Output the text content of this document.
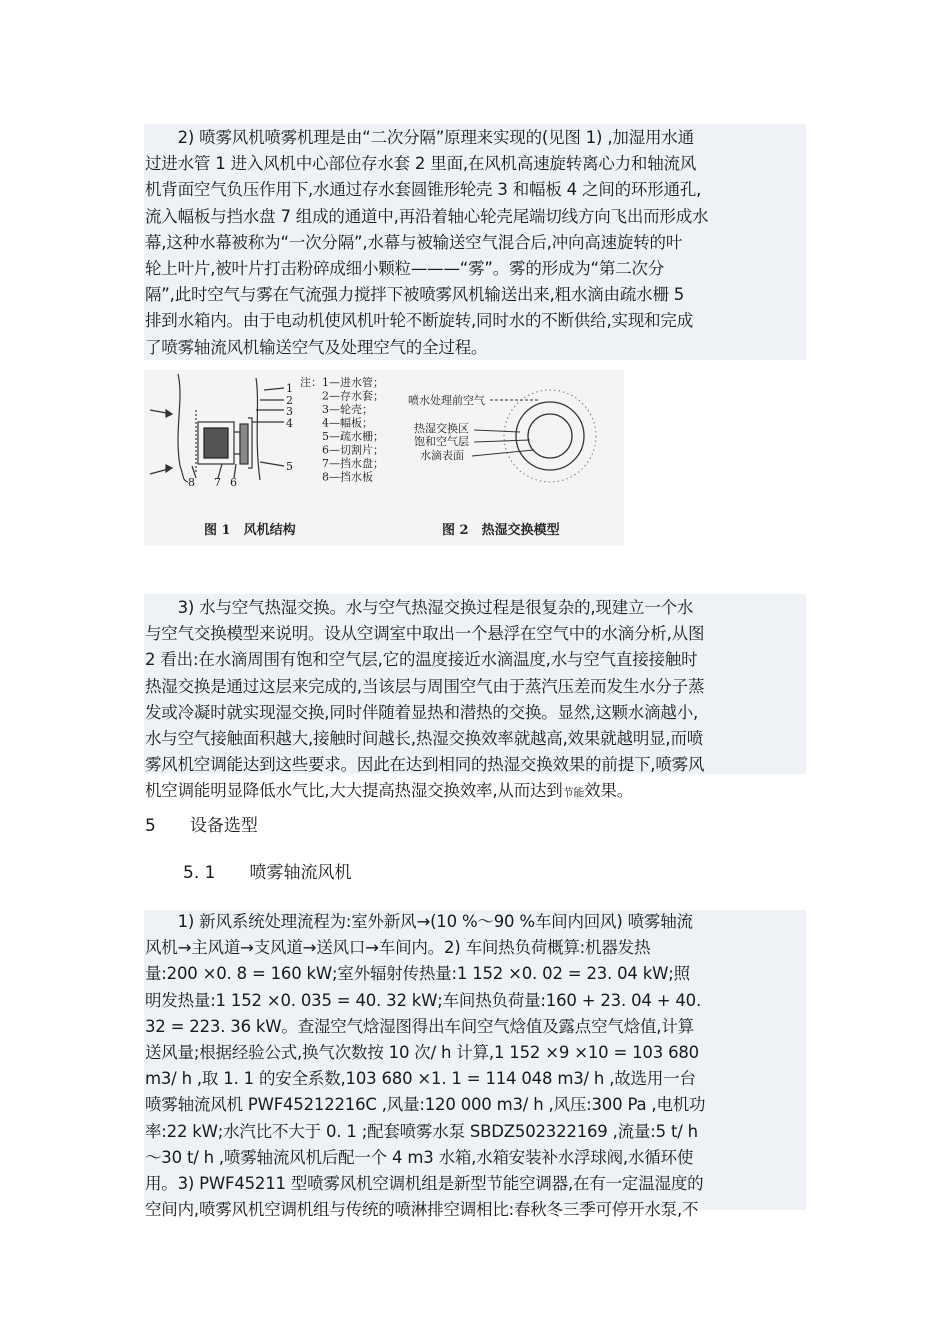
　　2) 喷雾风机喷雾机理是由“二次分隔”原理来实现的(见图 1) ,加湿用水通
过进水管 1 进入风机中心部位存水套 2 里面,在风机高速旋转离心力和轴流风
机背面空气负压作用下,水通过存水套圆锥形轮壳 3 和幅板 4 之间的环形通孔,
流入幅板与挡水盘 7 组成的通道中,再沿着轴心轮壳尾端切线方向飞出而形成水
幕,这种水幕被称为“一次分隔”,水幕与被输送空气混合后,冲向高速旋转的叶
轮上叶片,被叶片打击粉碎成细小颗粒———“雾”。雾的形成为“第二次分
隔”,此时空气与雾在气流强力搅拌下被喷雾风机输送出来,粗水滴由疏水栅 5
排到水箱内。由于电动机使风机叶轮不断旋转,同时水的不断供给,实现和完成
了喷雾轴流风机输送空气及处理空气的全过程。

1
2
3
4
5
8 7 6
注： 1—进水管；
2—存水套；
3—轮壳；
4—幅板；
5—疏水栅；
6—切割片；
7—挡水盘；
8—挡水板
喷水处理前空气
热湿交换区
饱和空气层
水滴表面
图 1　风机结构	图 2　热湿交换模型

　　3) 水与空气热湿交换。水与空气热湿交换过程是很复杂的,现建立一个水
与空气交换模型来说明。设从空调室中取出一个悬浮在空气中的水滴分析,从图
2 看出:在水滴周围有饱和空气层,它的温度接近水滴温度,水与空气直接接触时
热湿交换是通过这层来完成的,当该层与周围空气由于蒸汽压差而发生水分子蒸
发或冷凝时就实现湿交换,同时伴随着显热和潜热的交换。显然,这颗水滴越小,
水与空气接触面积越大,接触时间越长,热湿交换效率就越高,效果就越明显,而喷
雾风机空调能达到这些要求。因此在达到相同的热湿交换效果的前提下,喷雾风
机空调能明显降低水气比,大大提高热湿交换效率,从而达到节能效果。

5　　设备选型
5. 1　　喷雾轴流风机

　　1) 新风系统处理流程为:室外新风→(10 %～90 %车间内回风) 喷雾轴流
风机→主风道→支风道→送风口→车间内。2) 车间热负荷概算:机器发热
量:200 ×0. 8 = 160 kW;室外辐射传热量:1 152 ×0. 02 = 23. 04 kW;照
明发热量:1 152 ×0. 035 = 40. 32 kW;车间热负荷量:160 + 23. 04 + 40.
32 = 223. 36 kW。查湿空气焓湿图得出车间空气焓值及露点空气焓值,计算
送风量;根据经验公式,换气次数按 10 次/ h 计算,1 152 ×9 ×10 = 103 680
m3/ h ,取 1. 1 的安全系数,103 680 ×1. 1 = 114 048 m3/ h ,故选用一台
喷雾轴流风机 PWF45212216C ,风量:120 000 m3/ h ,风压:300 Pa ,电机功
率:22 kW;水汽比不大于 0. 1 ;配套喷雾水泵 SBDZ502322169 ,流量:5 t/ h
～30 t/ h ,喷雾轴流风机后配一个 4 m3 水箱,水箱安装补水浮球阀,水循环使
用。3) PWF45211 型喷雾风机空调机组是新型节能空调器,在有一定温湿度的
空间内,喷雾风机空调机组与传统的喷淋排空调相比:春秋冬三季可停开水泵,不
